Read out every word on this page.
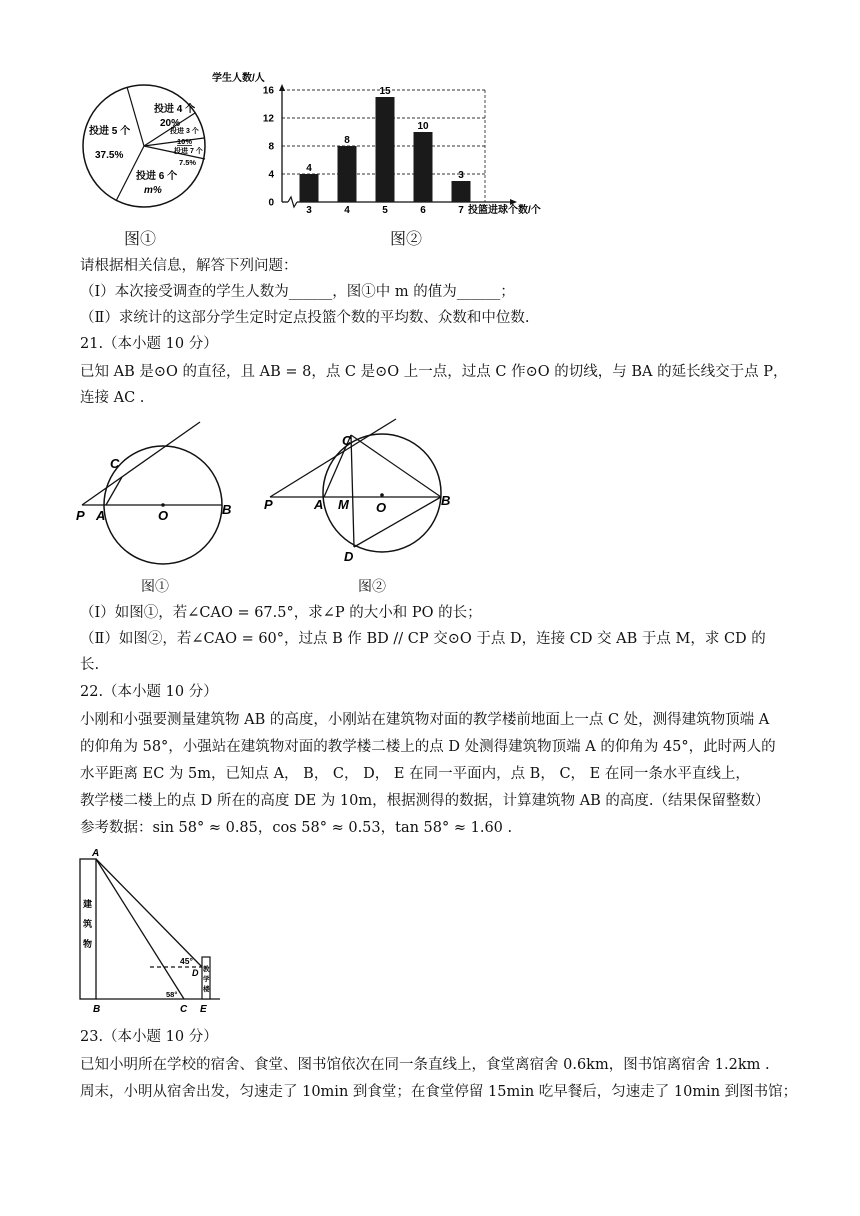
投进 4 个
20%
投进 3 个
10%
投进 7 个
7.5%
投进 6 个
m%
投进 5 个
37.5%
图①
学生人数/人
0
4
8
12
16
4
3
8
4
15
5
10
6
3
7 投篮进球个数/个
图②
请根据相关信息，解答下列问题：
（Ⅰ）本次接受调查的学生人数为______，图①中 m 的值为______；
（Ⅱ）求统计的这部分学生定时定点投篮个数的平均数、众数和中位数.
21.（本小题 10 分）
已知 AB 是⊙O 的直径，且 AB = 8，点 C 是⊙O 上一点，过点 C 作⊙O 的切线，与 BA 的延长线交于点 P，
连接 AC .
C
P A	O	B
图①
C
P	A M O	B
D
图②
（Ⅰ）如图①，若∠CAO = 67.5°，求∠P 的大小和 PO 的长；
（Ⅱ）如图②，若∠CAO = 60°，过点 B 作 BD // CP 交⊙O 于点 D，连接 CD 交 AB 于点 M，求 CD 的
长.
22.（本小题 10 分）
小刚和小强要测量建筑物 AB 的高度，小刚站在建筑物对面的教学楼前地面上一点 C 处，测得建筑物顶端 A
的仰角为 58°，小强站在建筑物对面的教学楼二楼上的点 D 处测得建筑物顶端 A 的仰角为 45°，此时两人的
水平距离 EC 为 5m，已知点 A， B， C， D， E 在同一平面内，点 B， C， E 在同一条水平直线上，
教学楼二楼上的点 D 所在的高度 DE 为 10m，根据测得的数据，计算建筑物 AB 的高度.（结果保留整数）
参考数据：sin 58° ≈ 0.85，cos 58° ≈ 0.53，tan 58° ≈ 1.60 .
A
B	C
D
E
45°
58°
建
筑
物
教
学
楼
23.（本小题 10 分）
已知小明所在学校的宿舍、食堂、图书馆依次在同一条直线上，食堂离宿舍 0.6km，图书馆离宿舍 1.2km .
周末，小明从宿舍出发，匀速走了 10min 到食堂；在食堂停留 15min 吃早餐后，匀速走了 10min 到图书馆；
